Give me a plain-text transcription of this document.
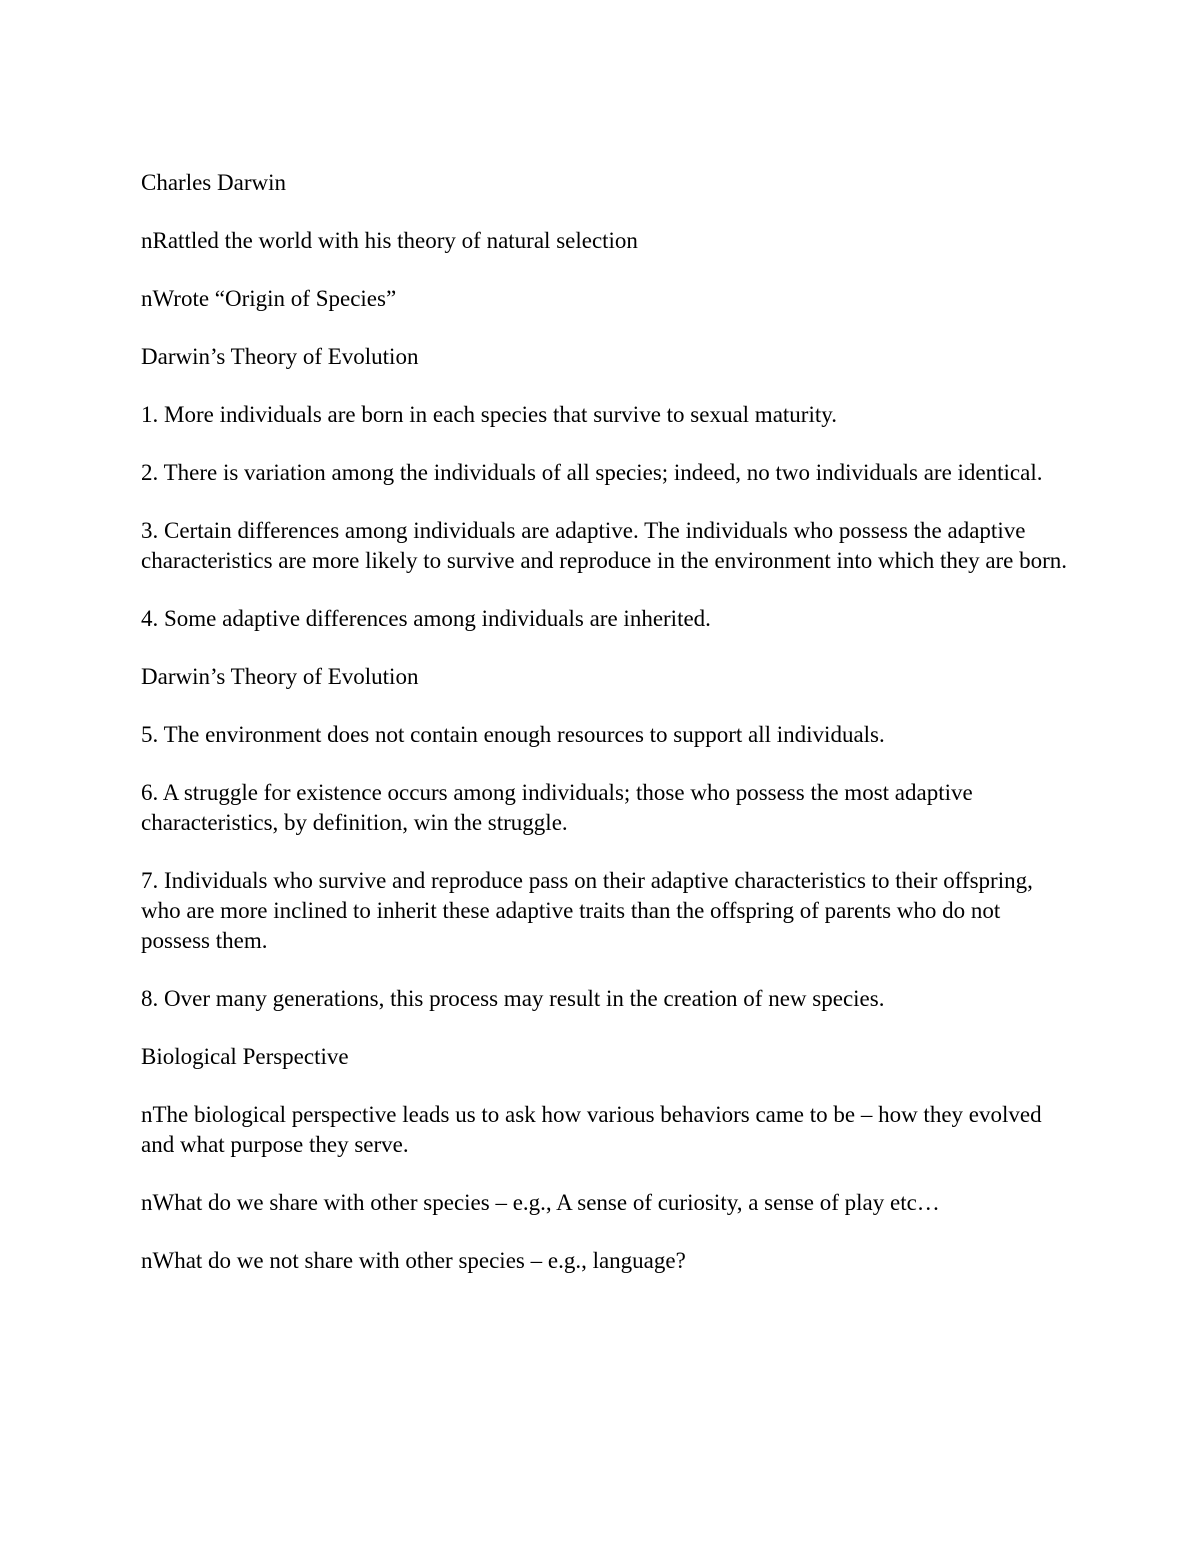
Charles Darwin

nRattled the world with his theory of natural selection

nWrote “Origin of Species”

Darwin’s Theory of Evolution

1. More individuals are born in each species that survive to sexual maturity.

2. There is variation among the individuals of all species; indeed, no two individuals are identical.

3. Certain differences among individuals are adaptive. The individuals who possess the adaptive characteristics are more likely to survive and reproduce in the environment into which they are born.

4. Some adaptive differences among individuals are inherited.

Darwin’s Theory of Evolution

5. The environment does not contain enough resources to support all individuals.

6. A struggle for existence occurs among individuals; those who possess the most adaptive characteristics, by definition, win the struggle.

7. Individuals who survive and reproduce pass on their adaptive characteristics to their offspring, who are more inclined to inherit these adaptive traits than the offspring of parents who do not possess them.

8. Over many generations, this process may result in the creation of new species.

Biological Perspective

nThe biological perspective leads us to ask how various behaviors came to be – how they evolved and what purpose they serve.

nWhat do we share with other species – e.g., A sense of curiosity, a sense of play etc…

nWhat do we not share with other species – e.g., language?
